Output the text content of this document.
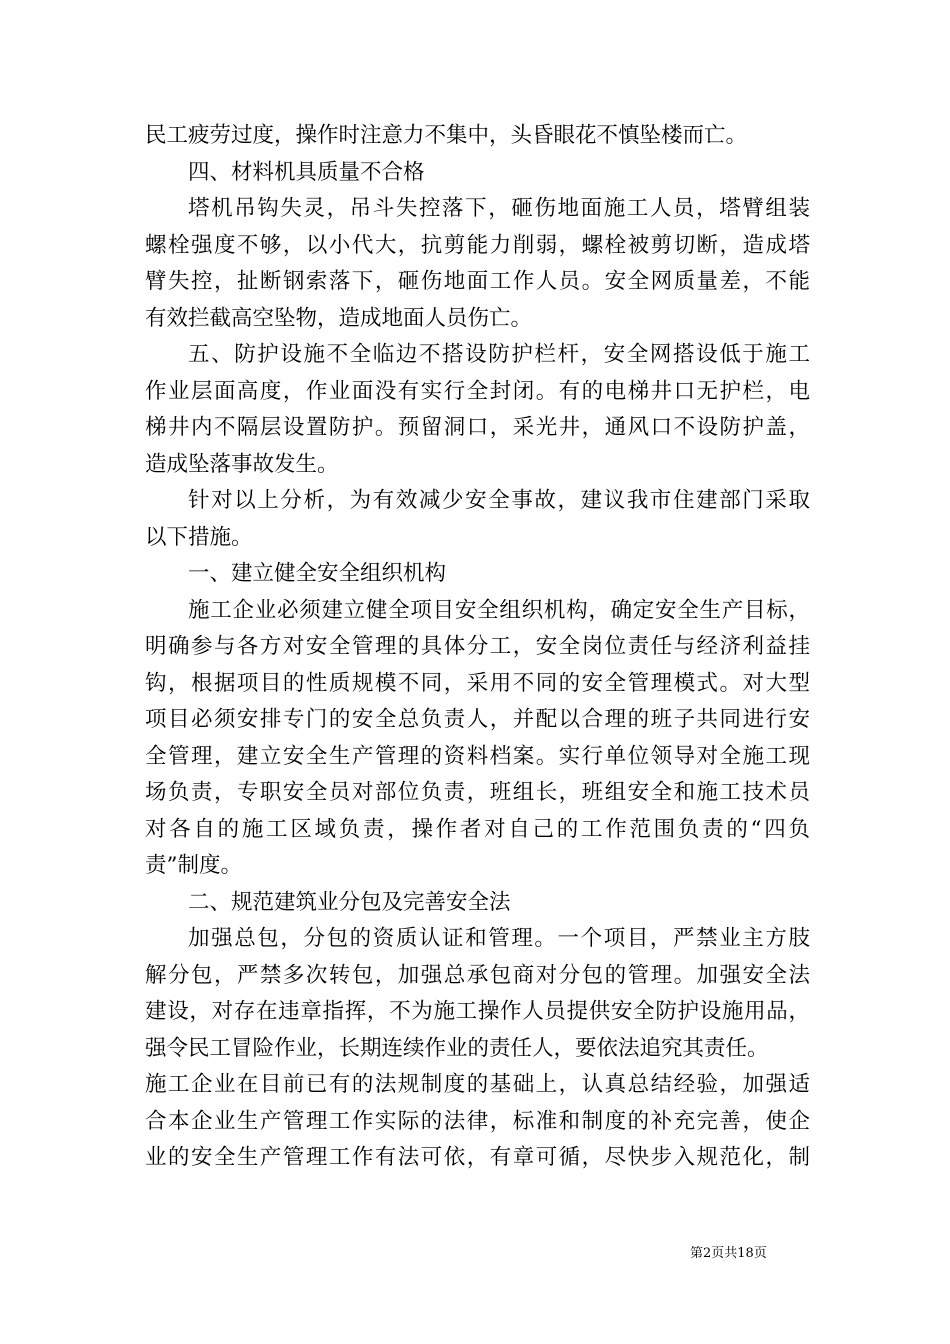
民工疲劳过度，操作时注意力不集中，头昏眼花不慎坠楼而亡。
四、材料机具质量不合格
塔机吊钩失灵，吊斗失控落下，砸伤地面施工人员，塔臂组装
螺栓强度不够，以小代大，抗剪能力削弱，螺栓被剪切断，造成塔
臂失控，扯断钢索落下，砸伤地面工作人员。安全网质量差，不能
有效拦截高空坠物，造成地面人员伤亡。
五、防护设施不全临边不搭设防护栏杆，安全网搭设低于施工
作业层面高度，作业面没有实行全封闭。有的电梯井口无护栏，电
梯井内不隔层设置防护。预留洞口，采光井，通风口不设防护盖，
造成坠落事故发生。
针对以上分析，为有效减少安全事故，建议我市住建部门采取
以下措施。
一、建立健全安全组织机构
施工企业必须建立健全项目安全组织机构，确定安全生产目标，
明确参与各方对安全管理的具体分工，安全岗位责任与经济利益挂
钩，根据项目的性质规模不同，采用不同的安全管理模式。对大型
项目必须安排专门的安全总负责人，并配以合理的班子共同进行安
全管理，建立安全生产管理的资料档案。实行单位领导对全施工现
场负责，专职安全员对部位负责，班组长，班组安全和施工技术员
对各自的施工区域负责，操作者对自己的工作范围负责的“四负
责”制度。
二、规范建筑业分包及完善安全法
加强总包，分包的资质认证和管理。一个项目，严禁业主方肢
解分包，严禁多次转包，加强总承包商对分包的管理。加强安全法
建设，对存在违章指挥，不为施工操作人员提供安全防护设施用品，
强令民工冒险作业，长期连续作业的责任人，要依法追究其责任。
施工企业在目前已有的法规制度的基础上，认真总结经验，加强适
合本企业生产管理工作实际的法律，标准和制度的补充完善，使企
业的安全生产管理工作有法可依，有章可循，尽快步入规范化，制
第2页共18页
